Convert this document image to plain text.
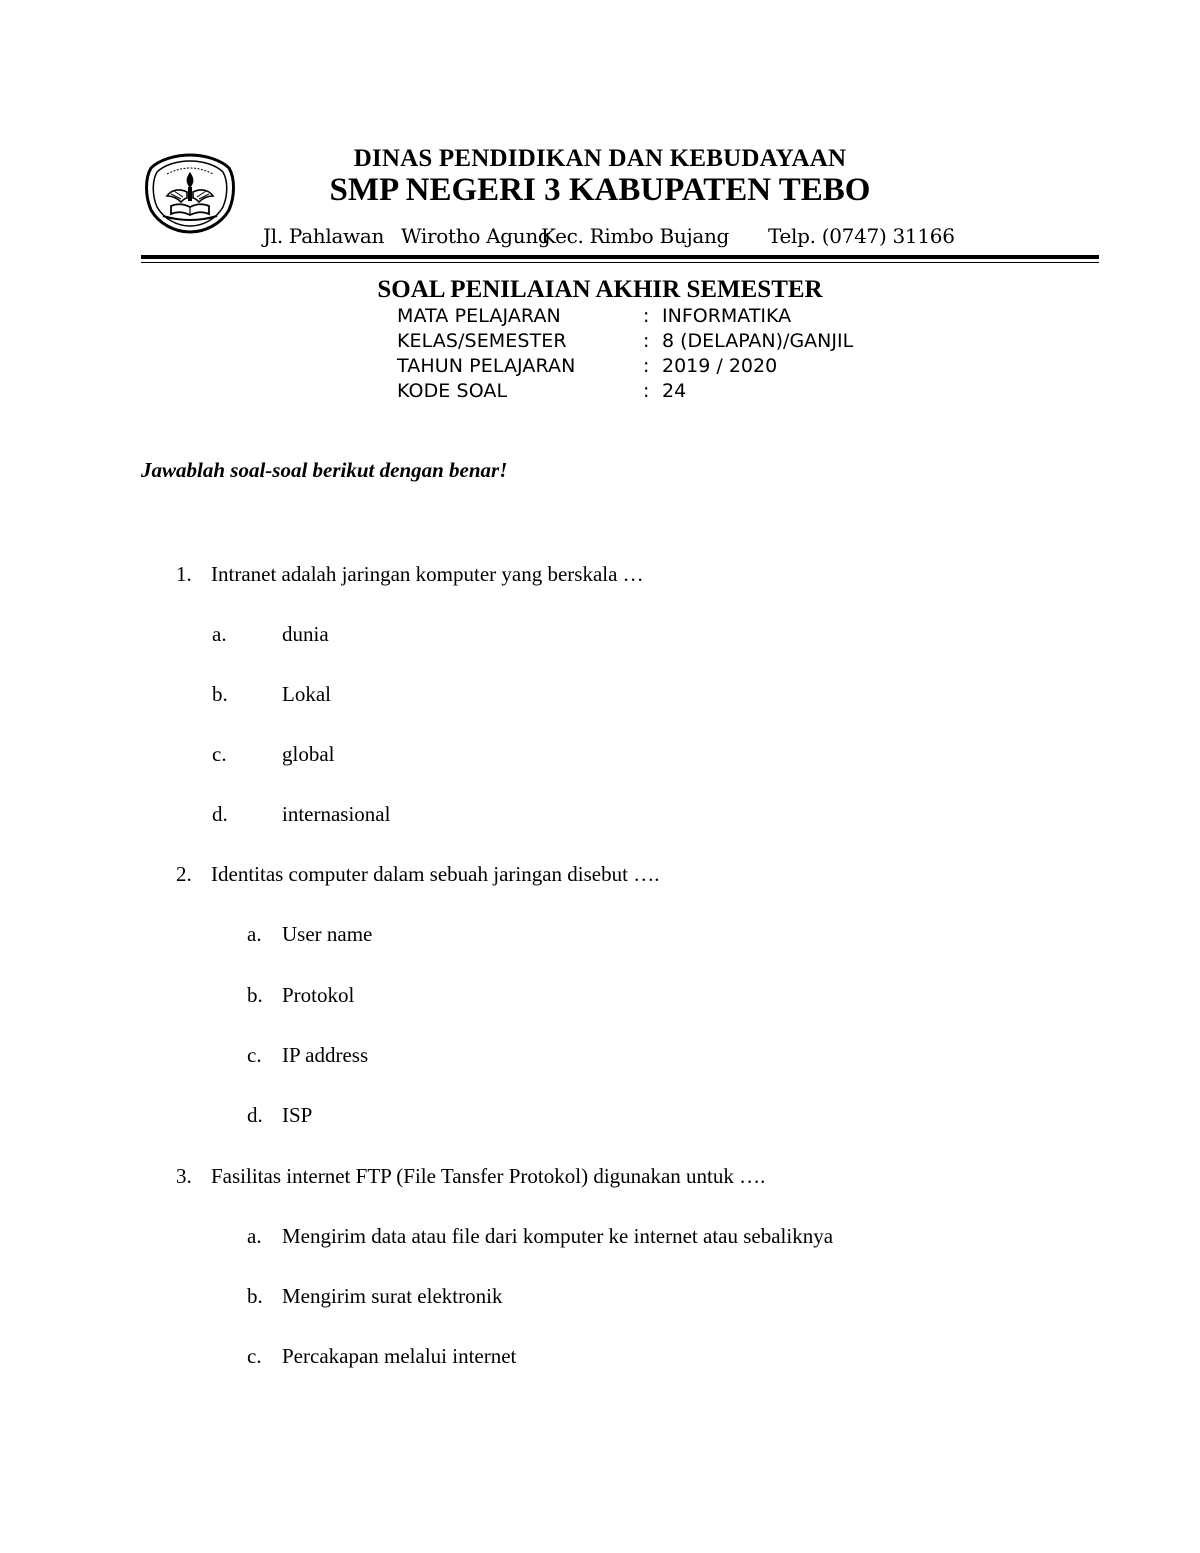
DINAS PENDIDIKAN DAN KEBUDAYAAN
SMP NEGERI 3 KABUPATEN TEBO
Jl. Pahlawan Wirotho Agung
Kec. Rimbo Bujang Telp. (0747) 31166
SOAL PENILAIAN AKHIR SEMESTER
MATA PELAJARAN	: INFORMATIKA
KELAS/SEMESTER	: 8 (DELAPAN)/GANJIL
TAHUN PELAJARAN	: 2019 / 2020
KODE SOAL	: 24
Jawablah soal-soal berikut dengan benar!
1. Intranet adalah jaringan komputer yang berskala …
a.	dunia
b.	Lokal
c.	global
d.	internasional
2. Identitas computer dalam sebuah jaringan disebut ….
a. User name
b. Protokol
c. IP address
d. ISP
3. Fasilitas internet FTP (File Tansfer Protokol) digunakan untuk ….
a. Mengirim data atau file dari komputer ke internet atau sebaliknya
b. Mengirim surat elektronik
c. Percakapan melalui internet
